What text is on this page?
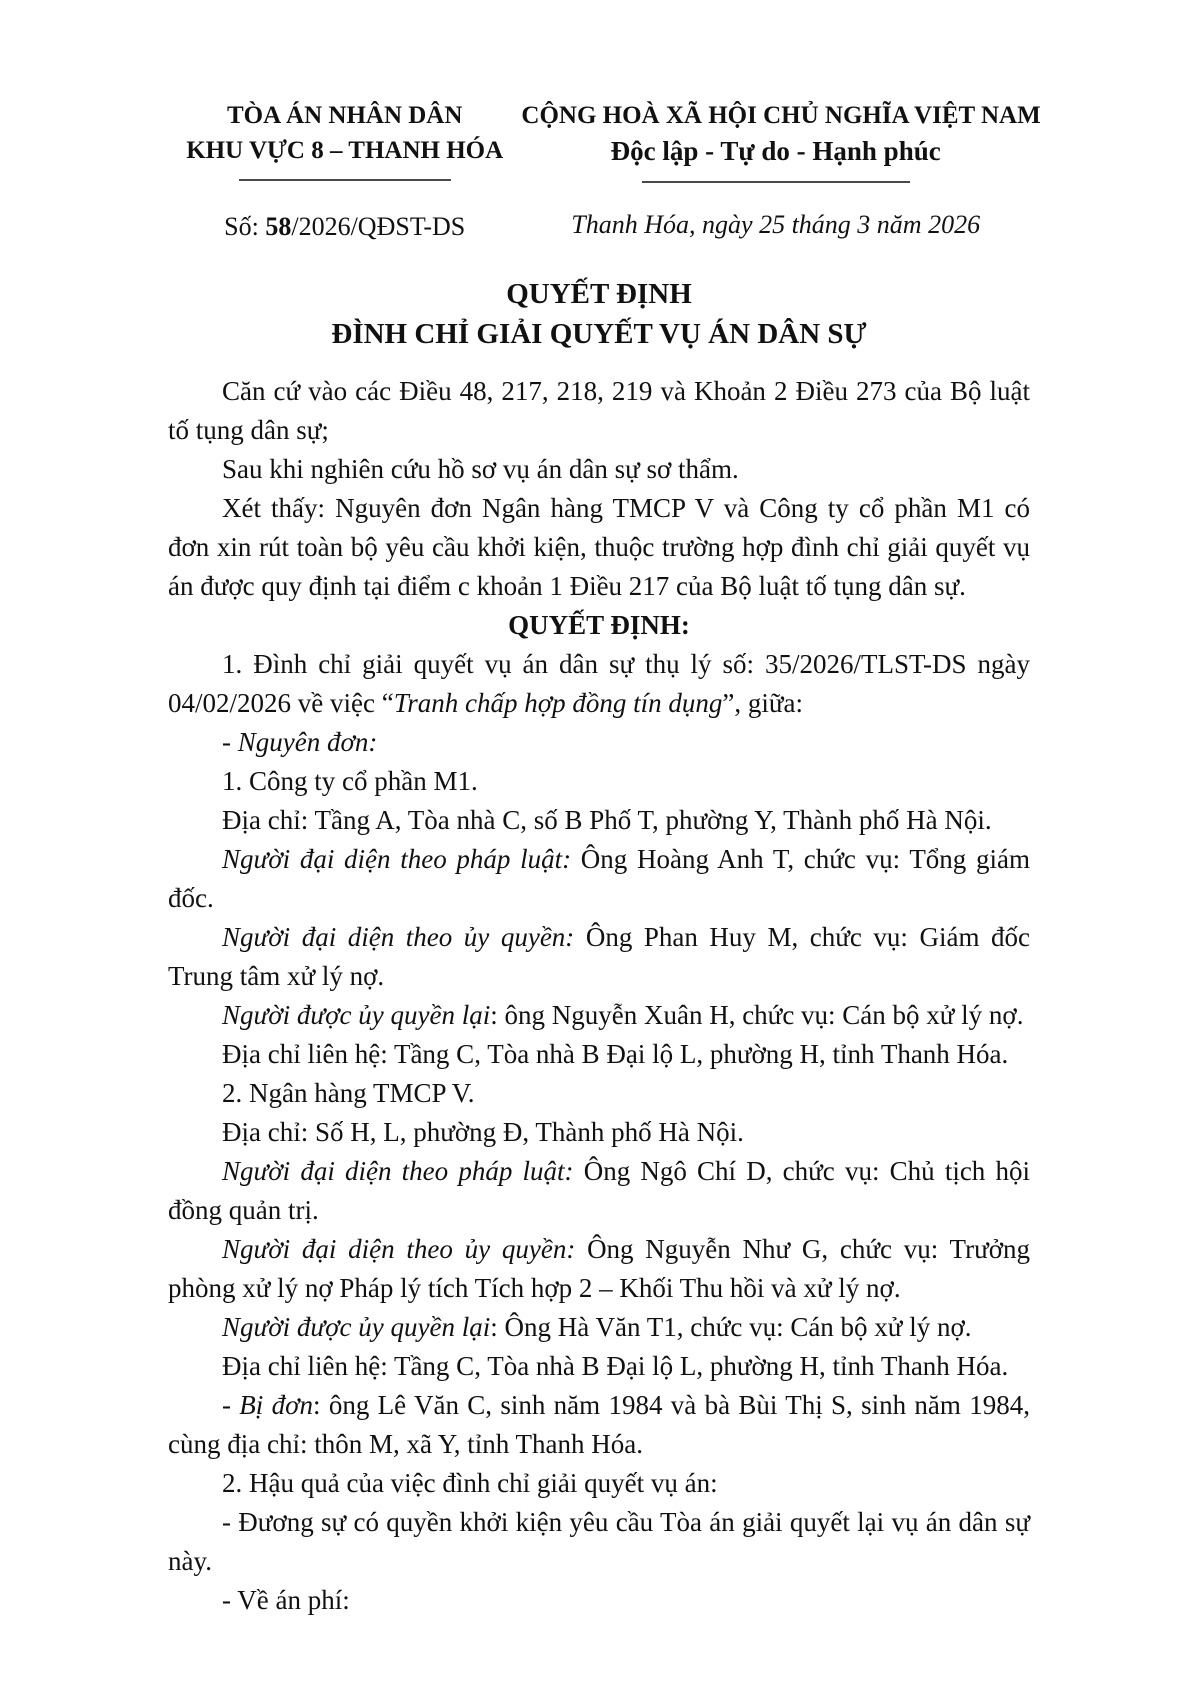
TÒA ÁN NHÂN DÂN
KHU VỰC 8 – THANH HÓA
Số: 58/2026/QĐST-DS
CỘNG HOÀ XÃ HỘI CHỦ NGHĨA VIỆT NAM
Độc lập - Tự do - Hạnh phúc
Thanh Hóa, ngày 25 tháng 3 năm 2026
QUYẾT ĐỊNH
ĐÌNH CHỈ GIẢI QUYẾT VỤ ÁN DÂN SỰ

Căn cứ vào các Điều 48, 217, 218, 219 và Khoản 2 Điều 273 của Bộ luật tố tụng dân sự;

Sau khi nghiên cứu hồ sơ vụ án dân sự sơ thẩm.

Xét thấy: Nguyên đơn Ngân hàng TMCP V và Công ty cổ phần M1 có đơn xin rút toàn bộ yêu cầu khởi kiện, thuộc trường hợp đình chỉ giải quyết vụ án được quy định tại điểm c khoản 1 Điều 217 của Bộ luật tố tụng dân sự.

QUYẾT ĐỊNH:

1. Đình chỉ giải quyết vụ án dân sự thụ lý số: 35/2026/TLST-DS ngày 04/02/2026 về việc “Tranh chấp hợp đồng tín dụng”, giữa:

- Nguyên đơn:

1. Công ty cổ phần M1.

Địa chỉ: Tầng A, Tòa nhà C, số B Phố T, phường Y, Thành phố Hà Nội.

Người đại diện theo pháp luật: Ông Hoàng Anh T, chức vụ: Tổng giám đốc.

Người đại diện theo ủy quyền: Ông Phan Huy M, chức vụ: Giám đốc Trung tâm xử lý nợ.

Người được ủy quyền lại: ông Nguyễn Xuân H, chức vụ: Cán bộ xử lý nợ.

Địa chỉ liên hệ: Tầng C, Tòa nhà B Đại lộ L, phường H, tỉnh Thanh Hóa.

2. Ngân hàng TMCP V.

Địa chỉ: Số H, L, phường Đ, Thành phố Hà Nội.

Người đại diện theo pháp luật: Ông Ngô Chí D, chức vụ: Chủ tịch hội đồng quản trị.

Người đại diện theo ủy quyền: Ông Nguyễn Như G, chức vụ: Trưởng phòng xử lý nợ Pháp lý tích Tích hợp 2 – Khối Thu hồi và xử lý nợ.

Người được ủy quyền lại: Ông Hà Văn T1, chức vụ: Cán bộ xử lý nợ.

Địa chỉ liên hệ: Tầng C, Tòa nhà B Đại lộ L, phường H, tỉnh Thanh Hóa.

- Bị đơn: ông Lê Văn C, sinh năm 1984 và bà Bùi Thị S, sinh năm 1984, cùng địa chỉ: thôn M, xã Y, tỉnh Thanh Hóa.

2. Hậu quả của việc đình chỉ giải quyết vụ án:

- Đương sự có quyền khởi kiện yêu cầu Tòa án giải quyết lại vụ án dân sự này.

- Về án phí:
